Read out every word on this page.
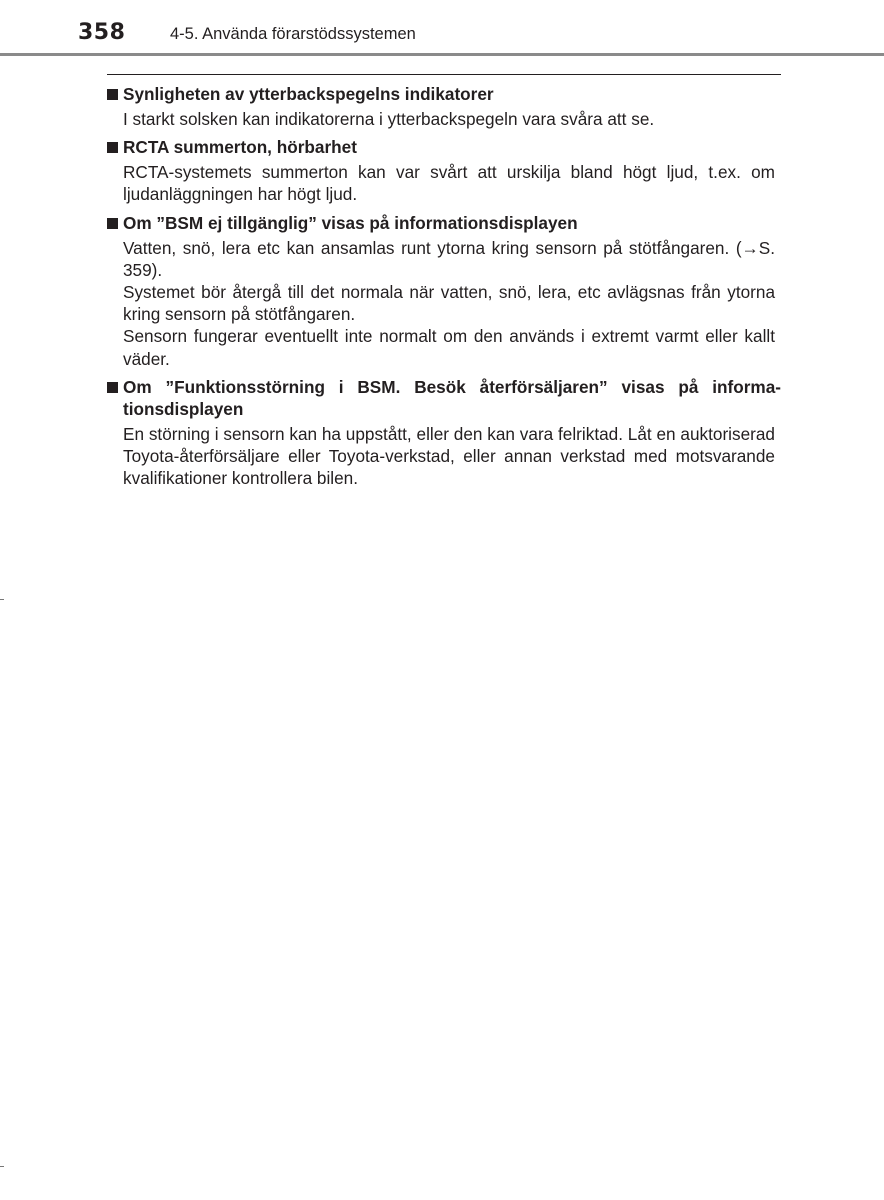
358	4-5. Använda förarstödssystemen
Synligheten av ytterbackspegelns indikatorer

I starkt solsken kan indikatorerna i ytterbackspegeln vara svåra att se.

RCTA summerton, hörbarhet

RCTA-systemets summerton kan var svårt att urskilja bland högt ljud, t.ex. om ljudanläggningen har högt ljud.

Om ”BSM ej tillgänglig” visas på informationsdisplayen

Vatten, snö, lera etc kan ansamlas runt ytorna kring sensorn på stötfångaren. (→S. 359).

Systemet bör återgå till det normala när vatten, snö, lera, etc avlägsnas från ytorna kring sensorn på stötfångaren.

Sensorn fungerar eventuellt inte normalt om den används i extremt varmt eller kallt väder.

Om ”Funktionsstörning i BSM. Besök återförsäljaren” visas på informationsdisplayen

En störning i sensorn kan ha uppstått, eller den kan vara felriktad. Låt en auktoriserad Toyota-återförsäljare eller Toyota-verkstad, eller annan verkstad med motsvarande kvalifikationer kontrollera bilen.
